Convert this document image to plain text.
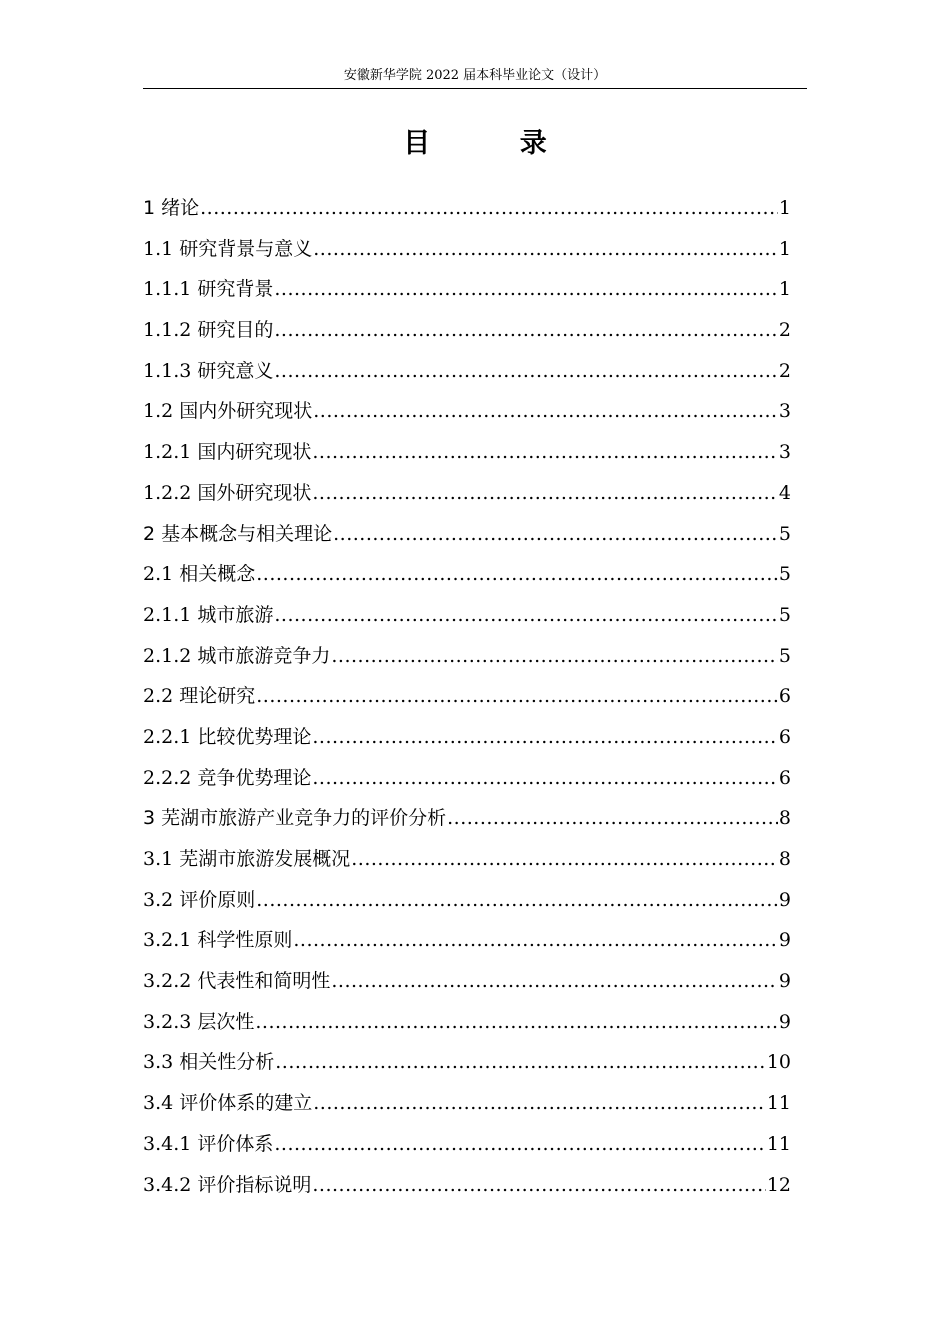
安徽新华学院 2022 届本科毕业论文（设计）
目 录
1 绪论 .....	1
1.1 研究背景与意义 .....	1
1.1.1 研究背景 .....	1
1.1.2 研究目的 .....	2
1.1.3 研究意义 .....	2
1.2 国内外研究现状 .....	3
1.2.1 国内研究现状 .....	3
1.2.2 国外研究现状 .....	4
2 基本概念与相关理论 .....	5
2.1 相关概念 .....	5
2.1.1 城市旅游 .....	5
2.1.2 城市旅游竞争力 .....	5
2.2 理论研究 .....	6
2.2.1 比较优势理论 .....	6
2.2.2 竞争优势理论 .....	6
3 芜湖市旅游产业竞争力的评价分析 .....	8
3.1 芜湖市旅游发展概况 .....	8
3.2 评价原则 .....	9
3.2.1 科学性原则 .....	9
3.2.2 代表性和简明性 .....	9
3.2.3 层次性 .....	9
3.3 相关性分析 .....	10
3.4 评价体系的建立 .....	11
3.4.1 评价体系 .....	11
3.4.2 评价指标说明 .....	12
